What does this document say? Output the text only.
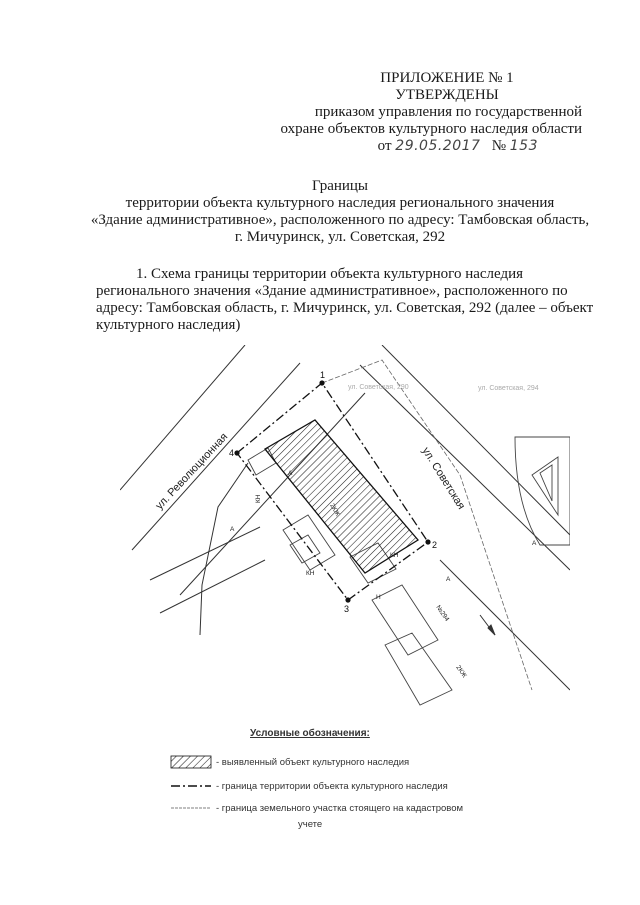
ПРИЛОЖЕНИЕ № 1
УТВЕРЖДЕНЫ
приказом управления по государственной
охране объектов культурного наследия области
от 29.05.2017 № 153
Границы
территории объекта культурного наследия регионального значения
«Здание административное», расположенного по адресу: Тамбовская область,
г. Мичуринск, ул. Советская, 292
1. Схема границы территории объекта культурного наследия
регионального значения «Здание административное», расположенного по
адресу: Тамбовская область, г. Мичуринск, ул. Советская, 292 (далее – объект
культурного наследия)
1
2
3
4
ул. Революционная	ул. Советская
ул. Советская, 290	ул. Советская, 294
2КЖ
КН
КН
КН
Н
№294
2КЖ
А
А
А
А
Условные обозначения:
- выявленный объект культурного наследия
- граница территории объекта культурного наследия
- граница земельного участка стоящего на кадастровом
учете
